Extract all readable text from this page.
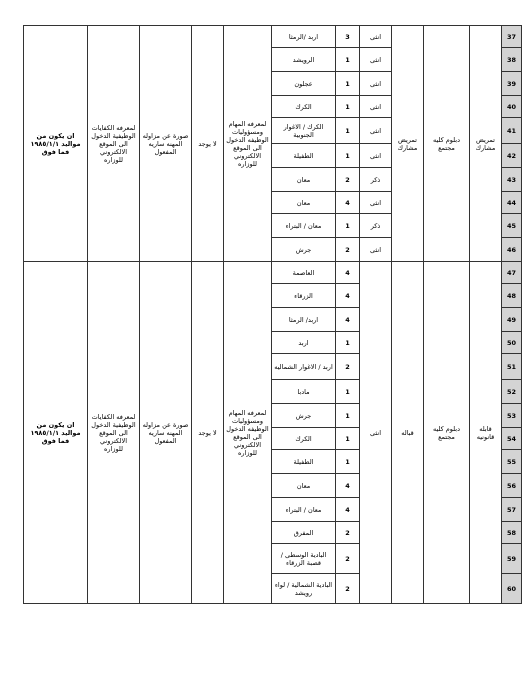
ان يكون من مواليد ١٩٨٥/١/١ فما فوق	لمعرفه الكفايات الوظيفية الدخول الى الموقع الالكتروني للوزاره	صورة عن مزاوله المهنه ساريه المفعول	لا يوجد	لمعرفه المهام ومسؤوليات الوظيفه الدخول الى الموقع الالكتروني للوزاره	اربد /الرمثا	3	انثى	تمريض مشارك	دبلوم كليه مجتمع	تمريض مشارك	37
					الرويشد	1	انثى				38
					عجلون	1	انثى				39
					الكرك	1	انثى				40
					الكرك / الاغوار الجنوبية	1	انثى				41
					الطفيلة	1	انثى				42
					معان	2	ذكر				43
					معان	4	انثى				44
					معان / البتراء	1	ذكر				45
					جرش	2	انثى				46
ان يكون من مواليد ١٩٨٥/١/١ فما فوق	لمعرفه الكفايات الوظيفية الدخول الى الموقع الالكتروني للوزاره	صورة عن مزاوله المهنه ساريه المفعول	لا يوجد	لمعرفه المهام ومسؤوليات الوظيفه الدخول الى الموقع الالكتروني للوزاره	العاصمة	4	انثى	قباله	دبلوم كليه مجتمع	قابله قانونيه	47
					الزرقاء	4					48
					اربد/ الرمثا	4					49
					اربد	1					50
					اربد / الاغوار الشماليه	2					51
					مادبا	1					52
					جرش	1					53
					الكرك	1					54
					الطفيلة	1					55
					معان	4					56
					معان / البتراء	4					57
					المفرق	2					58
					البادية الوسطى / قصبة الزرقاء	2					59
					البادية الشمالية / لواء رويشد	2					60
